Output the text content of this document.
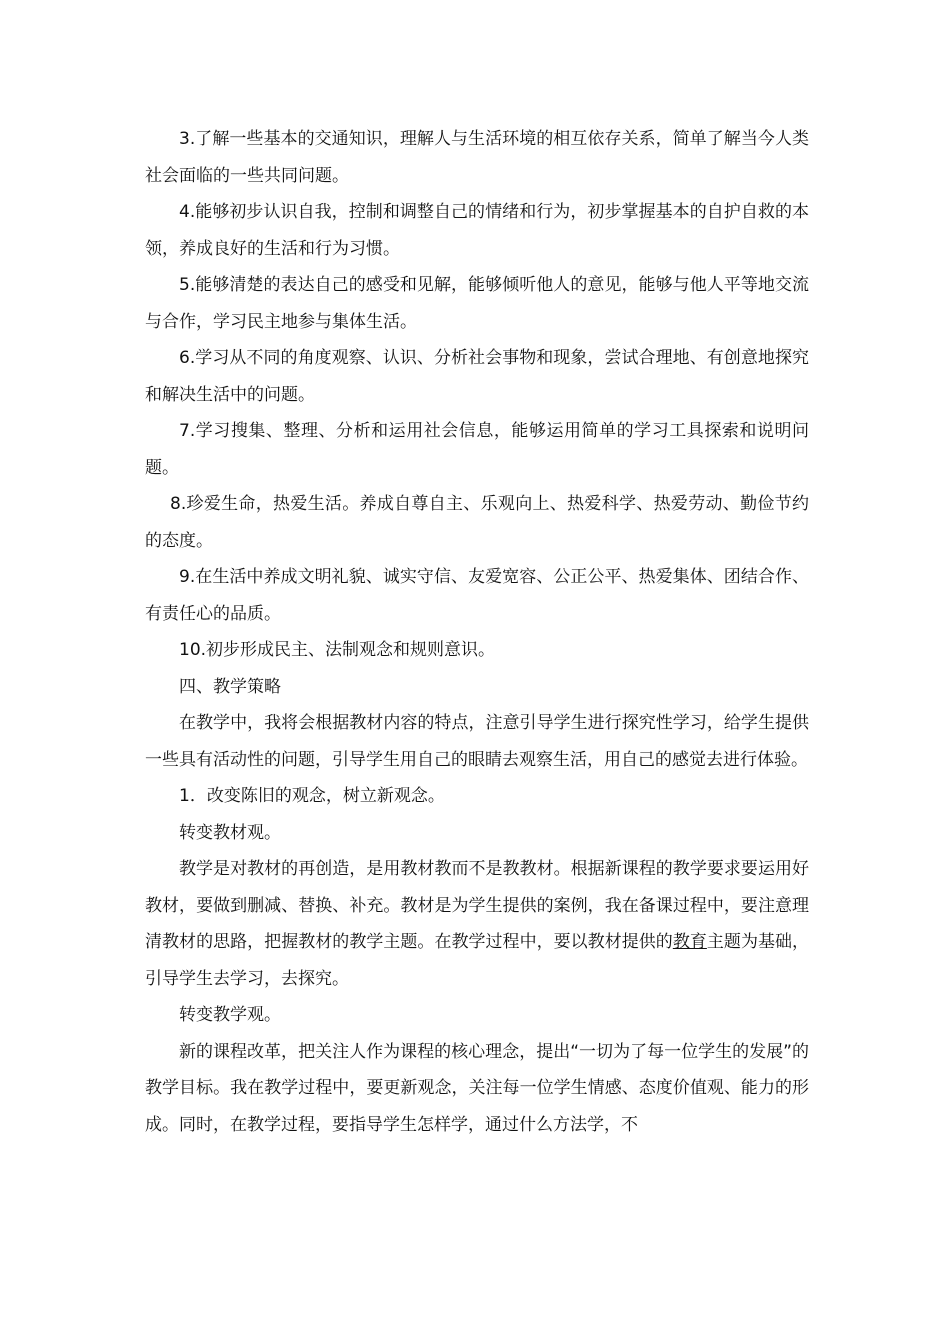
3.了解一些基本的交通知识，理解人与生活环境的相互依存关系，简单了解当今人类社会面临的一些共同问题。

4.能够初步认识自我，控制和调整自己的情绪和行为，初步掌握基本的自护自救的本领，养成良好的生活和行为习惯。

5.能够清楚的表达自己的感受和见解，能够倾听他人的意见，能够与他人平等地交流与合作，学习民主地参与集体生活。

6.学习从不同的角度观察、认识、分析社会事物和现象，尝试合理地、有创意地探究和解决生活中的问题。

7.学习搜集、整理、分析和运用社会信息，能够运用简单的学习工具探索和说明问题。

8.珍爱生命，热爱生活。养成自尊自主、乐观向上、热爱科学、热爱劳动、勤俭节约的态度。

9.在生活中养成文明礼貌、诚实守信、友爱宽容、公正公平、热爱集体、团结合作、有责任心的品质。

10.初步形成民主、法制观念和规则意识。

四、教学策略

在教学中，我将会根据教材内容的特点，注意引导学生进行探究性学习，给学生提供一些具有活动性的问题，引导学生用自己的眼睛去观察生活，用自己的感觉去进行体验。

1．改变陈旧的观念，树立新观念。

转变教材观。

教学是对教材的再创造，是用教材教而不是教教材。根据新课程的教学要求要运用好教材，要做到删减、替换、补充。教材是为学生提供的案例，我在备课过程中，要注意理清教材的思路，把握教材的教学主题。在教学过程中，要以教材提供的教育主题为基础，引导学生去学习，去探究。

转变教学观。

新的课程改革，把关注人作为课程的核心理念，提出“一切为了每一位学生的发展”的教学目标。我在教学过程中，要更新观念，关注每一位学生情感、态度价值观、能力的形成。同时，在教学过程，要指导学生怎样学，通过什么方法学，不
